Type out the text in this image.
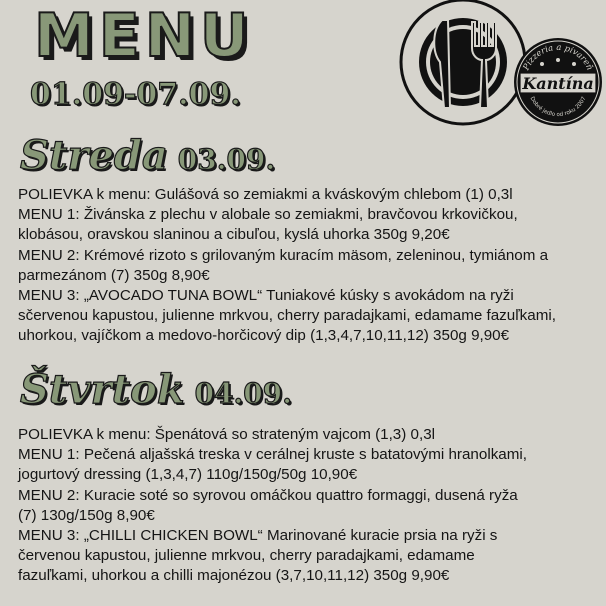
MENU
01.09-07.09.
Pizzeria a pivareň
Dobré jedlo od roku 2007
Kantína
Streda 03.09.

POLIEVKA k menu: Gulášová so zemiakmi a kváskovým chlebom (1) 0,3l

MENU 1: Živánska z plechu v alobale so zemiakmi, bravčovou krkovičkou,

klobásou, oravskou slaninou a cibuľou, kyslá uhorka 350g 9,20€

MENU 2: Krémové rizoto s grilovaným kuracím mäsom, zeleninou, tymiánom a

parmezánom (7) 350g 8,90€

MENU 3: „AVOCADO TUNA BOWL“ Tuniakové kúsky s avokádom na ryži

sčervenou kapustou, julienne mrkvou, cherry paradajkami, edamame fazuľkami,

uhorkou, vajíčkom a medovo-horčicový dip (1,3,4,7,10,11,12) 350g 9,90€

Štvrtok 04.09.

POLIEVKA k menu: Špenátová so strateným vajcom (1,3) 0,3l

MENU 1: Pečená aljašská treska v cerálnej kruste s batatovými hranolkami,

jogurtový dressing (1,3,4,7) 110g/150g/50g 10,90€

MENU 2: Kuracie soté so syrovou omáčkou quattro formaggi, dusená ryža

(7) 130g/150g 8,90€

MENU 3: „CHILLI CHICKEN BOWL“ Marinované kuracie prsia na ryži s

červenou kapustou, julienne mrkvou, cherry paradajkami, edamame

fazuľkami, uhorkou a chilli majonézou (3,7,10,11,12) 350g 9,90€
